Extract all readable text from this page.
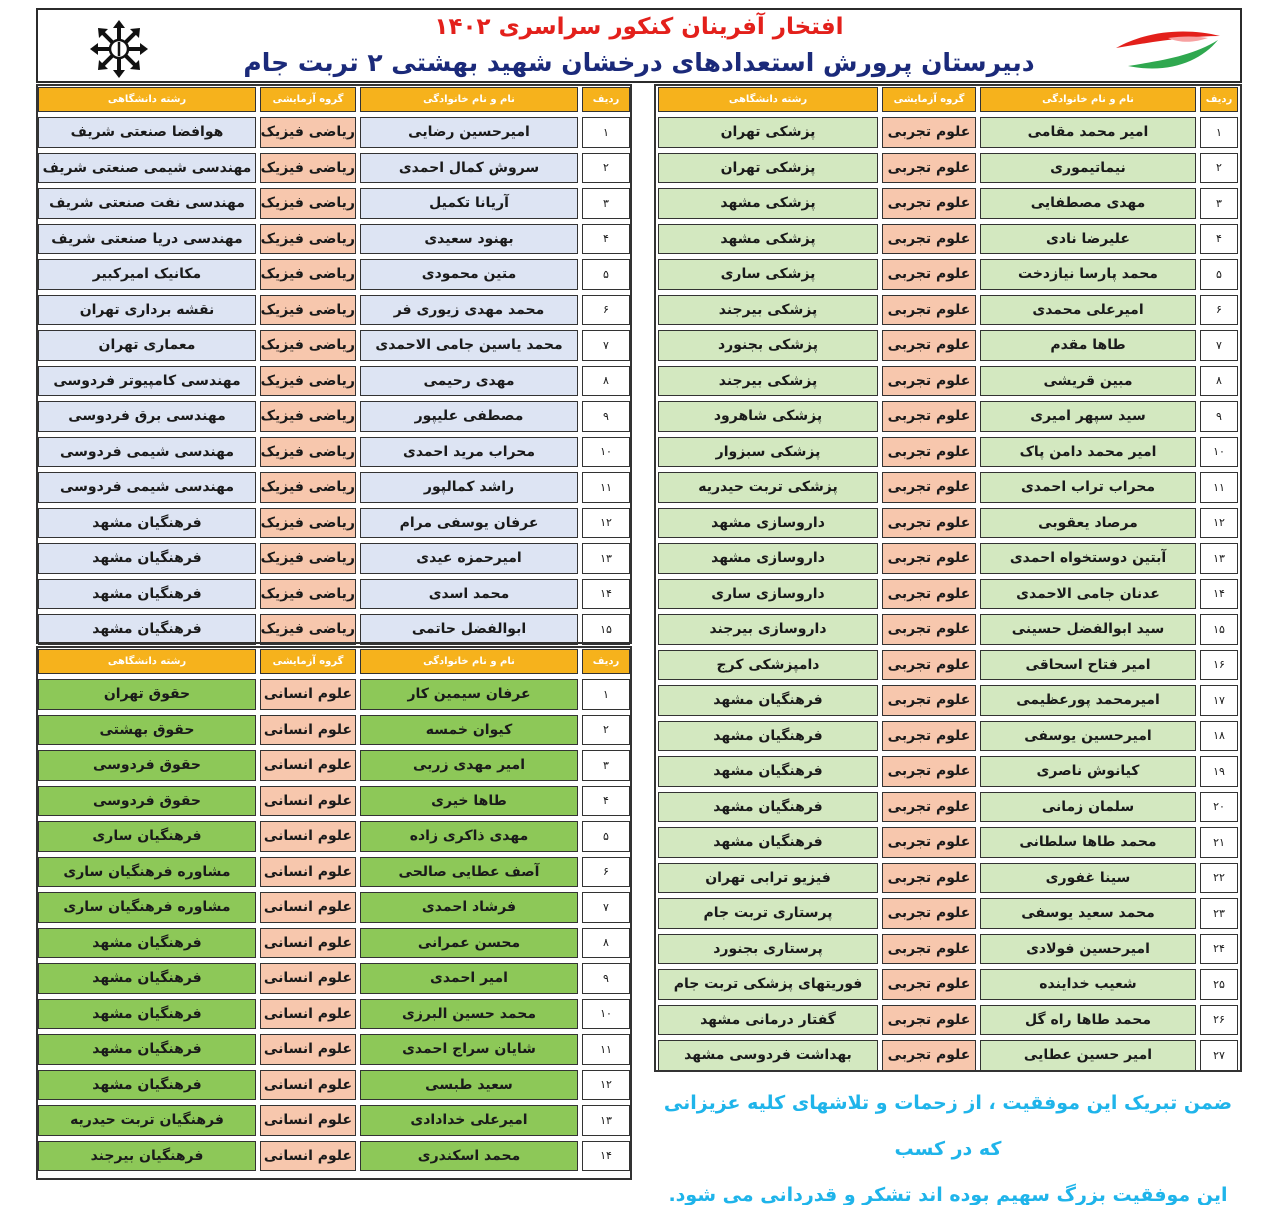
افتخار آفرینان کنکور سراسری ۱۴۰۲
دبیرستان پرورش استعدادهای درخشان شهید بهشتی ۲ تربت جام
ردیف	نام و نام خانوادگی	گروه آزمایشی	رشته دانشگاهی
۱	امیر محمد مقامی	علوم تجربی	پزشکی تهران
۲	نیماتیموری	علوم تجربی	پزشکی تهران
۳	مهدی مصطفایی	علوم تجربی	پزشکی مشهد
۴	علیرضا نادی	علوم تجربی	پزشکی مشهد
۵	محمد پارسا نیازدخت	علوم تجربی	پزشکی ساری
۶	امیرعلی محمدی	علوم تجربی	پزشکی بیرجند
۷	طاها مقدم	علوم تجربی	پزشکی بجنورد
۸	مبین قریشی	علوم تجربی	پزشکی بیرجند
۹	سید سپهر امیری	علوم تجربی	پزشکی شاهرود
۱۰	امیر محمد دامن پاک	علوم تجربی	پزشکی سبزوار
۱۱	محراب تراب احمدی	علوم تجربی	پزشکی تربت حیدریه
۱۲	مرصاد یعقوبی	علوم تجربی	داروسازی مشهد
۱۳	آبتین دوستخواه احمدی	علوم تجربی	داروسازی مشهد
۱۴	عدنان جامی الاحمدی	علوم تجربی	داروسازی ساری
۱۵	سید ابوالفضل حسینی	علوم تجربی	داروسازی بیرجند
۱۶	امیر فتاح اسحاقی	علوم تجربی	دامپزشکی کرج
۱۷	امیرمحمد پورعظیمی	علوم تجربی	فرهنگیان مشهد
۱۸	امیرحسین یوسفی	علوم تجربی	فرهنگیان مشهد
۱۹	کیانوش ناصری	علوم تجربی	فرهنگیان مشهد
۲۰	سلمان زمانی	علوم تجربی	فرهنگیان مشهد
۲۱	محمد طاها سلطانی	علوم تجربی	فرهنگیان مشهد
۲۲	سینا غفوری	علوم تجربی	فیزیو ترابی تهران
۲۳	محمد سعید یوسفی	علوم تجربی	پرستاری تربت جام
۲۴	امیرحسین فولادی	علوم تجربی	پرستاری بجنورد
۲۵	شعیب خداینده	علوم تجربی	فوریتهای پزشکی تربت جام
۲۶	محمد طاها راه گل	علوم تجربی	گفتار درمانی مشهد
۲۷	امیر حسین عطایی	علوم تجربی	بهداشت فردوسی مشهد
ردیف	نام و نام خانوادگی	گروه آزمایشی	رشته دانشگاهی
۱	امیرحسین رضایی	ریاضی فیزیک	هوافضا صنعتی شریف
۲	سروش کمال احمدی	ریاضی فیزیک	مهندسی شیمی صنعتی شریف
۳	آریانا تکمیل	ریاضی فیزیک	مهندسی نفت صنعتی شریف
۴	بهنود سعیدی	ریاضی فیزیک	مهندسی دریا صنعتی شریف
۵	متین محمودی	ریاضی فیزیک	مکانیک امیرکبیر
۶	محمد مهدی زیوری فر	ریاضی فیزیک	نقشه برداری تهران
۷	محمد یاسین جامی الاحمدی	ریاضی فیزیک	معماری تهران
۸	مهدی رحیمی	ریاضی فیزیک	مهندسی کامپیوتر فردوسی
۹	مصطفی علیپور	ریاضی فیزیک	مهندسی برق فردوسی
۱۰	محراب مرید احمدی	ریاضی فیزیک	مهندسی شیمی فردوسی
۱۱	راشد کمالپور	ریاضی فیزیک	مهندسی شیمی فردوسی
۱۲	عرفان یوسفی مرام	ریاضی فیزیک	فرهنگیان مشهد
۱۳	امیرحمزه عیدی	ریاضی فیزیک	فرهنگیان مشهد
۱۴	محمد اسدی	ریاضی فیزیک	فرهنگیان مشهد
۱۵	ابوالفضل حاتمی	ریاضی فیزیک	فرهنگیان مشهد
ردیف	نام و نام خانوادگی	گروه آزمایشی	رشته دانشگاهی
۱	عرفان سیمین کار	علوم انسانی	حقوق تهران
۲	کیوان خمسه	علوم انسانی	حقوق بهشتی
۳	امیر مهدی زربی	علوم انسانی	حقوق فردوسی
۴	طاها خیری	علوم انسانی	حقوق فردوسی
۵	مهدی ذاکری زاده	علوم انسانی	فرهنگیان ساری
۶	آصف عطایی صالحی	علوم انسانی	مشاوره فرهنگیان ساری
۷	فرشاد احمدی	علوم انسانی	مشاوره فرهنگیان ساری
۸	محسن عمرانی	علوم انسانی	فرهنگیان مشهد
۹	امیر احمدی	علوم انسانی	فرهنگیان مشهد
۱۰	محمد حسین البرزی	علوم انسانی	فرهنگیان مشهد
۱۱	شایان سراج احمدی	علوم انسانی	فرهنگیان مشهد
۱۲	سعید طبسی	علوم انسانی	فرهنگیان مشهد
۱۳	امیرعلی خدادادی	علوم انسانی	فرهنگیان تربت حیدریه
۱۴	محمد اسکندری	علوم انسانی	فرهنگیان بیرجند
ضمن تبریک این موفقیت ، از زحمات و تلاشهای کلیه عزیزانی که در کسب
این موفقیت بزرگ سهیم بوده اند تشکر و قدردانی می شود.
